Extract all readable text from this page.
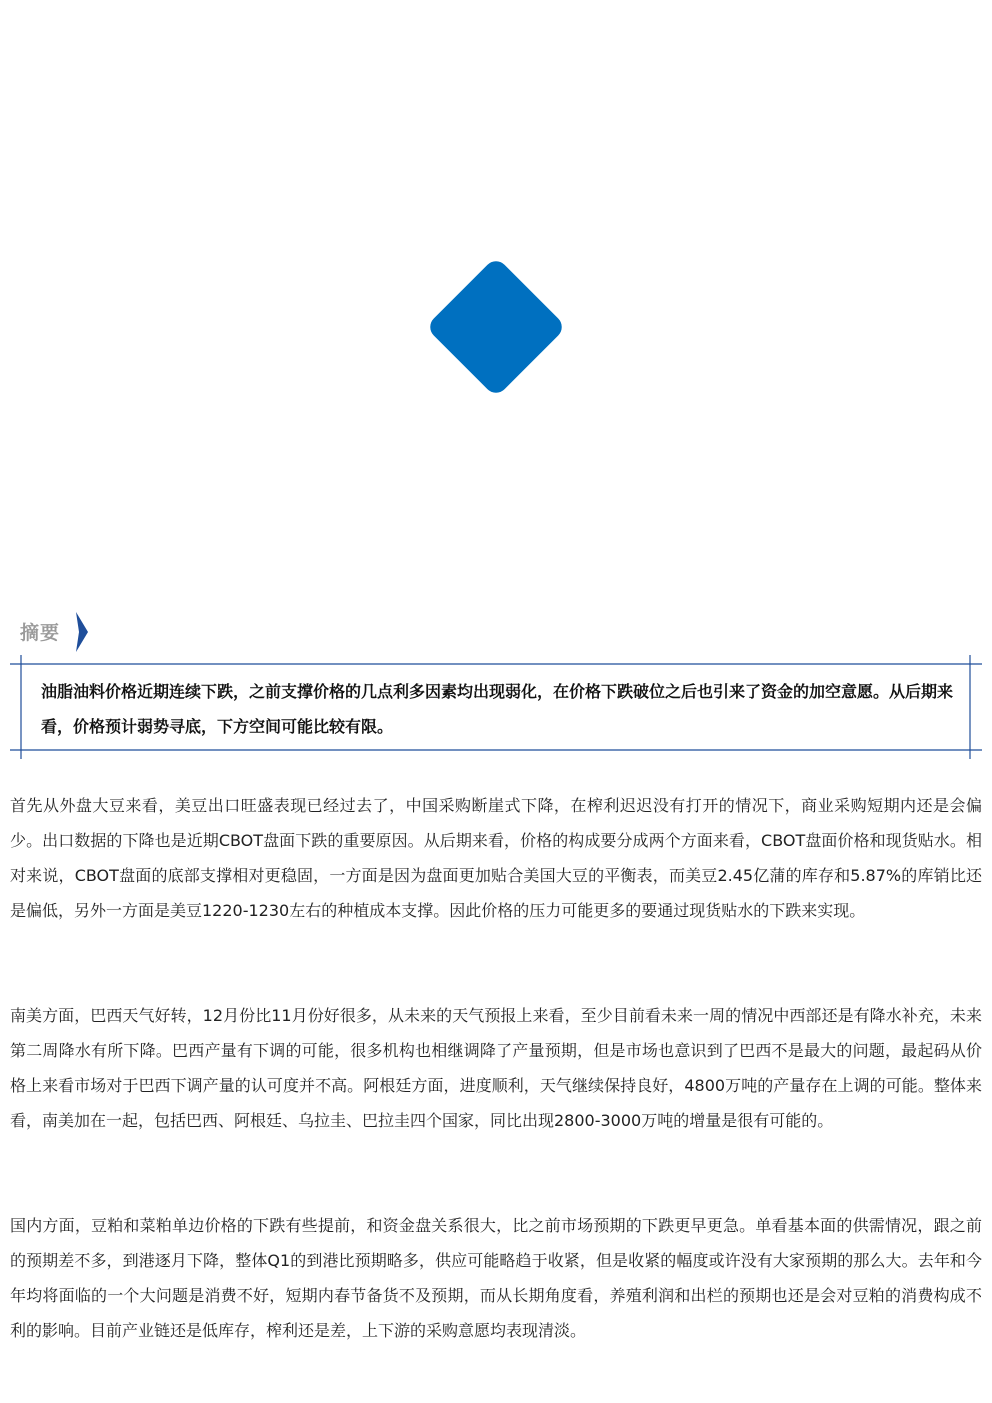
摘要
油脂油料价格近期连续下跌，之前支撑价格的几点利多因素均出现弱化，在价格下跌破位之后也引来了资金的加空意愿。从后期来看，价格预计弱势寻底，下方空间可能比较有限。

首先从外盘大豆来看，美豆出口旺盛表现已经过去了，中国采购断崖式下降，在榨利迟迟没有打开的情况下，商业采购短期内还是会偏少。出口数据的下降也是近期CBOT盘面下跌的重要原因。从后期来看，价格的构成要分成两个方面来看，CBOT盘面价格和现货贴水。相对来说，CBOT盘面的底部支撑相对更稳固，一方面是因为盘面更加贴合美国大豆的平衡表，而美豆2.45亿蒲的库存和5.87%的库销比还是偏低，另外一方面是美豆1220-1230左右的种植成本支撑。因此价格的压力可能更多的要通过现货贴水的下跌来实现。

南美方面，巴西天气好转，12月份比11月份好很多，从未来的天气预报上来看，至少目前看未来一周的情况中西部还是有降水补充，未来第二周降水有所下降。巴西产量有下调的可能，很多机构也相继调降了产量预期，但是市场也意识到了巴西不是最大的问题，最起码从价格上来看市场对于巴西下调产量的认可度并不高。阿根廷方面，进度顺利，天气继续保持良好，4800万吨的产量存在上调的可能。整体来看，南美加在一起，包括巴西、阿根廷、乌拉圭、巴拉圭四个国家，同比出现2800-3000万吨的增量是很有可能的。

国内方面，豆粕和菜粕单边价格的下跌有些提前，和资金盘关系很大，比之前市场预期的下跌更早更急。单看基本面的供需情况，跟之前的预期差不多，到港逐月下降，整体Q1的到港比预期略多，供应可能略趋于收紧，但是收紧的幅度或许没有大家预期的那么大。去年和今年均将面临的一个大问题是消费不好，短期内春节备货不及预期，而从长期角度看，养殖利润和出栏的预期也还是会对豆粕的消费构成不利的影响。目前产业链还是低库存，榨利还是差，上下游的采购意愿均表现清淡。
